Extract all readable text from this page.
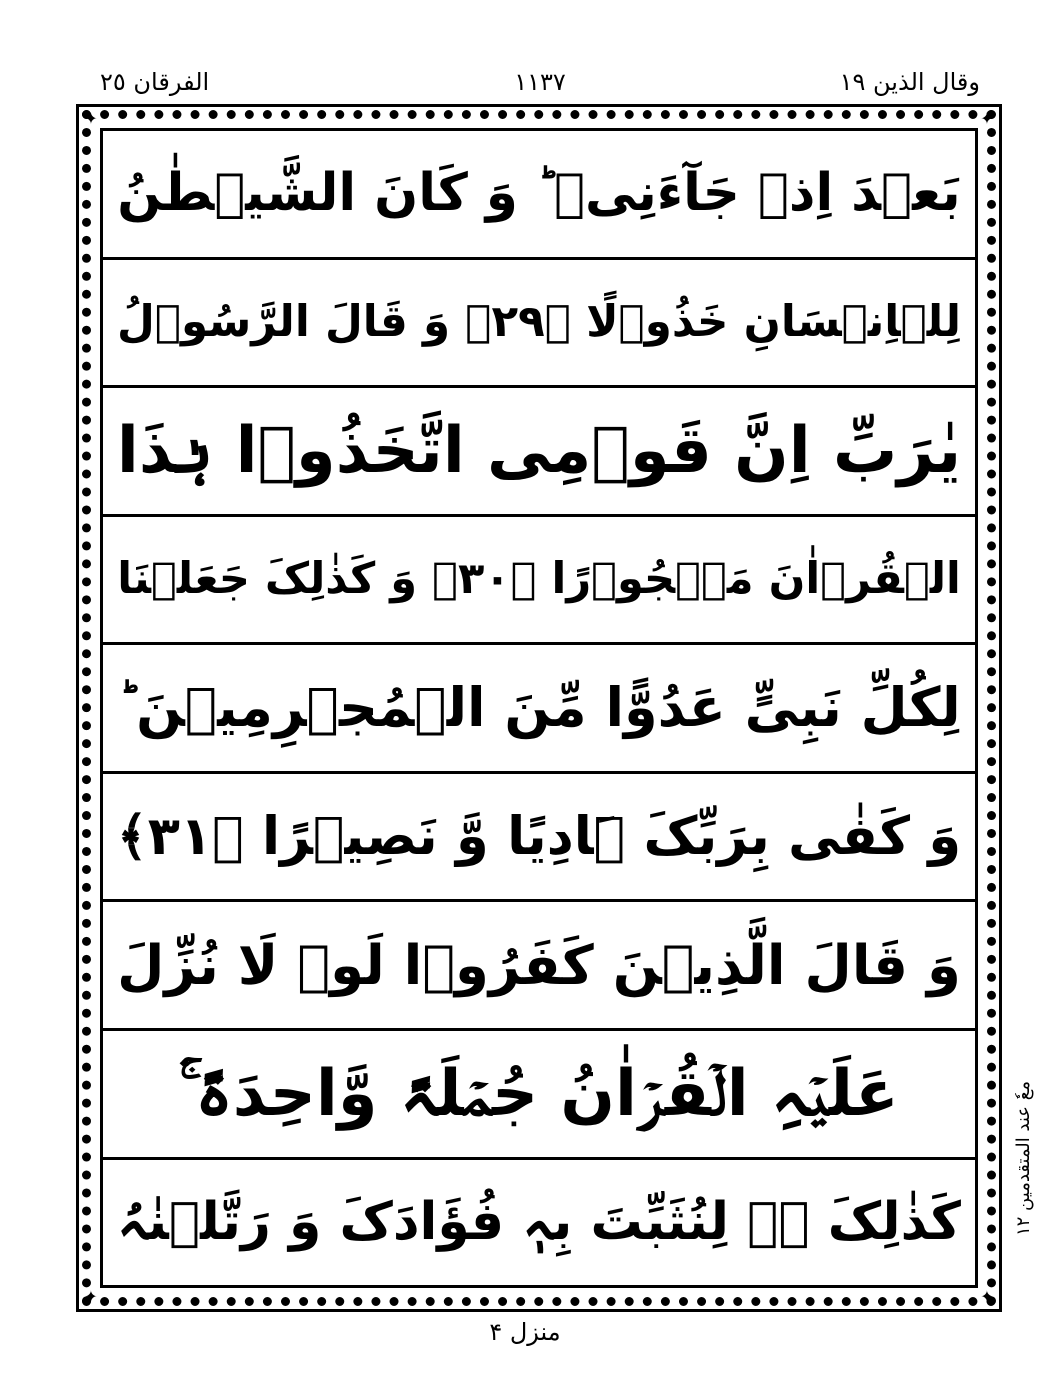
وقال الذین ١٩
۱۱۳۷
الفرقان ٢٥
✦	✦
✦	✦
بَعۡدَ اِذۡ جَآءَنِیۡ ؕ وَ کَانَ الشَّیۡطٰنُ
لِلۡاِنۡسَانِ خَذُوۡلًا ﴿۲۹﴾ وَ قَالَ الرَّسُوۡلُ
یٰرَبِّ اِنَّ قَوۡمِی اتَّخَذُوۡا ہٰذَا
الۡقُرۡاٰنَ مَہۡجُوۡرًا ﴿۳۰﴾ وَ کَذٰلِکَ جَعَلۡنَا
لِکُلِّ نَبِیٍّ عَدُوًّا مِّنَ الۡمُجۡرِمِیۡنَ ؕ
وَ کَفٰی بِرَبِّکَ ہَادِیًا وَّ نَصِیۡرًا ﴿۳۱﴾
وَ قَالَ الَّذِیۡنَ کَفَرُوۡا لَوۡ لَا نُزِّلَ
عَلَیۡہِ الۡقُرۡاٰنُ جُمۡلَۃً وَّاحِدَۃً ۚۛ
کَذٰلِکَ ۚۛ لِنُثَبِّتَ بِہٖ فُؤَادَکَ وَ رَتَّلۡنٰہُ	معٗ عند المتقدمین ١٢
منزل ۴
